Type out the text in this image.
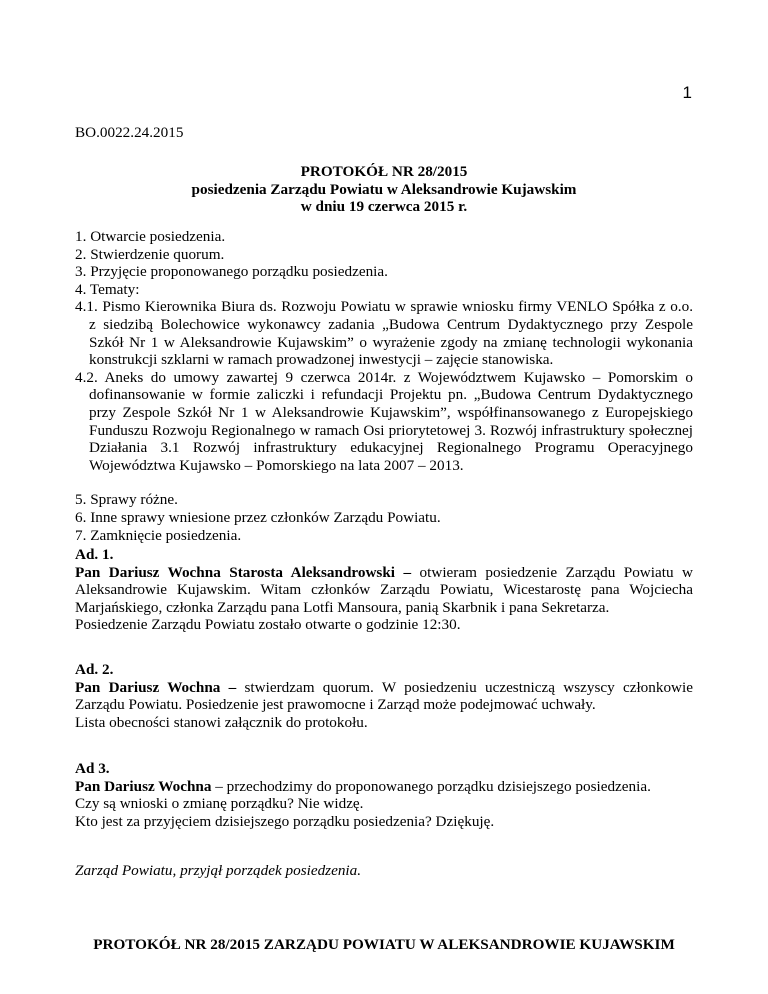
1
BO.0022.24.2015
PROTOKÓŁ NR 28/2015
posiedzenia Zarządu Powiatu w Aleksandrowie Kujawskim
w dniu 19 czerwca 2015 r.
1. Otwarcie posiedzenia.
2. Stwierdzenie quorum.
3. Przyjęcie proponowanego porządku posiedzenia.
4. Tematy:
4.1. Pismo Kierownika Biura ds. Rozwoju Powiatu w sprawie wniosku firmy VENLO Spółka z o.o. z siedzibą Bolechowice wykonawcy zadania „Budowa Centrum Dydaktycznego przy Zespole Szkół Nr 1 w Aleksandrowie Kujawskim” o wyrażenie zgody na zmianę technologii wykonania konstrukcji szklarni w ramach prowadzonej inwestycji – zajęcie stanowiska.
4.2. Aneks do umowy zawartej 9 czerwca 2014r. z Województwem Kujawsko – Pomorskim o dofinansowanie w formie zaliczki i refundacji Projektu pn. „Budowa Centrum Dydaktycznego przy Zespole Szkół Nr 1 w Aleksandrowie Kujawskim”, współfinansowanego z Europejskiego Funduszu Rozwoju Regionalnego w ramach Osi priorytetowej 3. Rozwój infrastruktury społecznej Działania 3.1 Rozwój infrastruktury edukacyjnej Regionalnego Programu Operacyjnego Województwa Kujawsko – Pomorskiego na lata 2007 – 2013.
5. Sprawy różne.
6. Inne sprawy wniesione przez członków Zarządu Powiatu.
7. Zamknięcie posiedzenia.
Ad. 1.
Pan Dariusz Wochna Starosta Aleksandrowski – otwieram posiedzenie Zarządu Powiatu w Aleksandrowie Kujawskim. Witam członków Zarządu Powiatu, Wicestarostę pana Wojciecha Marjańskiego, członka Zarządu pana Lotfi Mansoura, panią Skarbnik i pana Sekretarza.
Posiedzenie Zarządu Powiatu zostało otwarte o godzinie 12:30.
Ad. 2.
Pan Dariusz Wochna – stwierdzam quorum. W posiedzeniu uczestniczą wszyscy członkowie Zarządu Powiatu. Posiedzenie jest prawomocne i Zarząd może podejmować uchwały.
Lista obecności stanowi załącznik do protokołu.
Ad 3.
Pan Dariusz Wochna – przechodzimy do proponowanego porządku dzisiejszego posiedzenia.
Czy są wnioski o zmianę porządku? Nie widzę.
Kto jest za przyjęciem dzisiejszego porządku posiedzenia? Dziękuję.
Zarząd Powiatu, przyjął porządek posiedzenia.
PROTOKÓŁ NR 28/2015 ZARZĄDU POWIATU W ALEKSANDROWIE KUJAWSKIM
